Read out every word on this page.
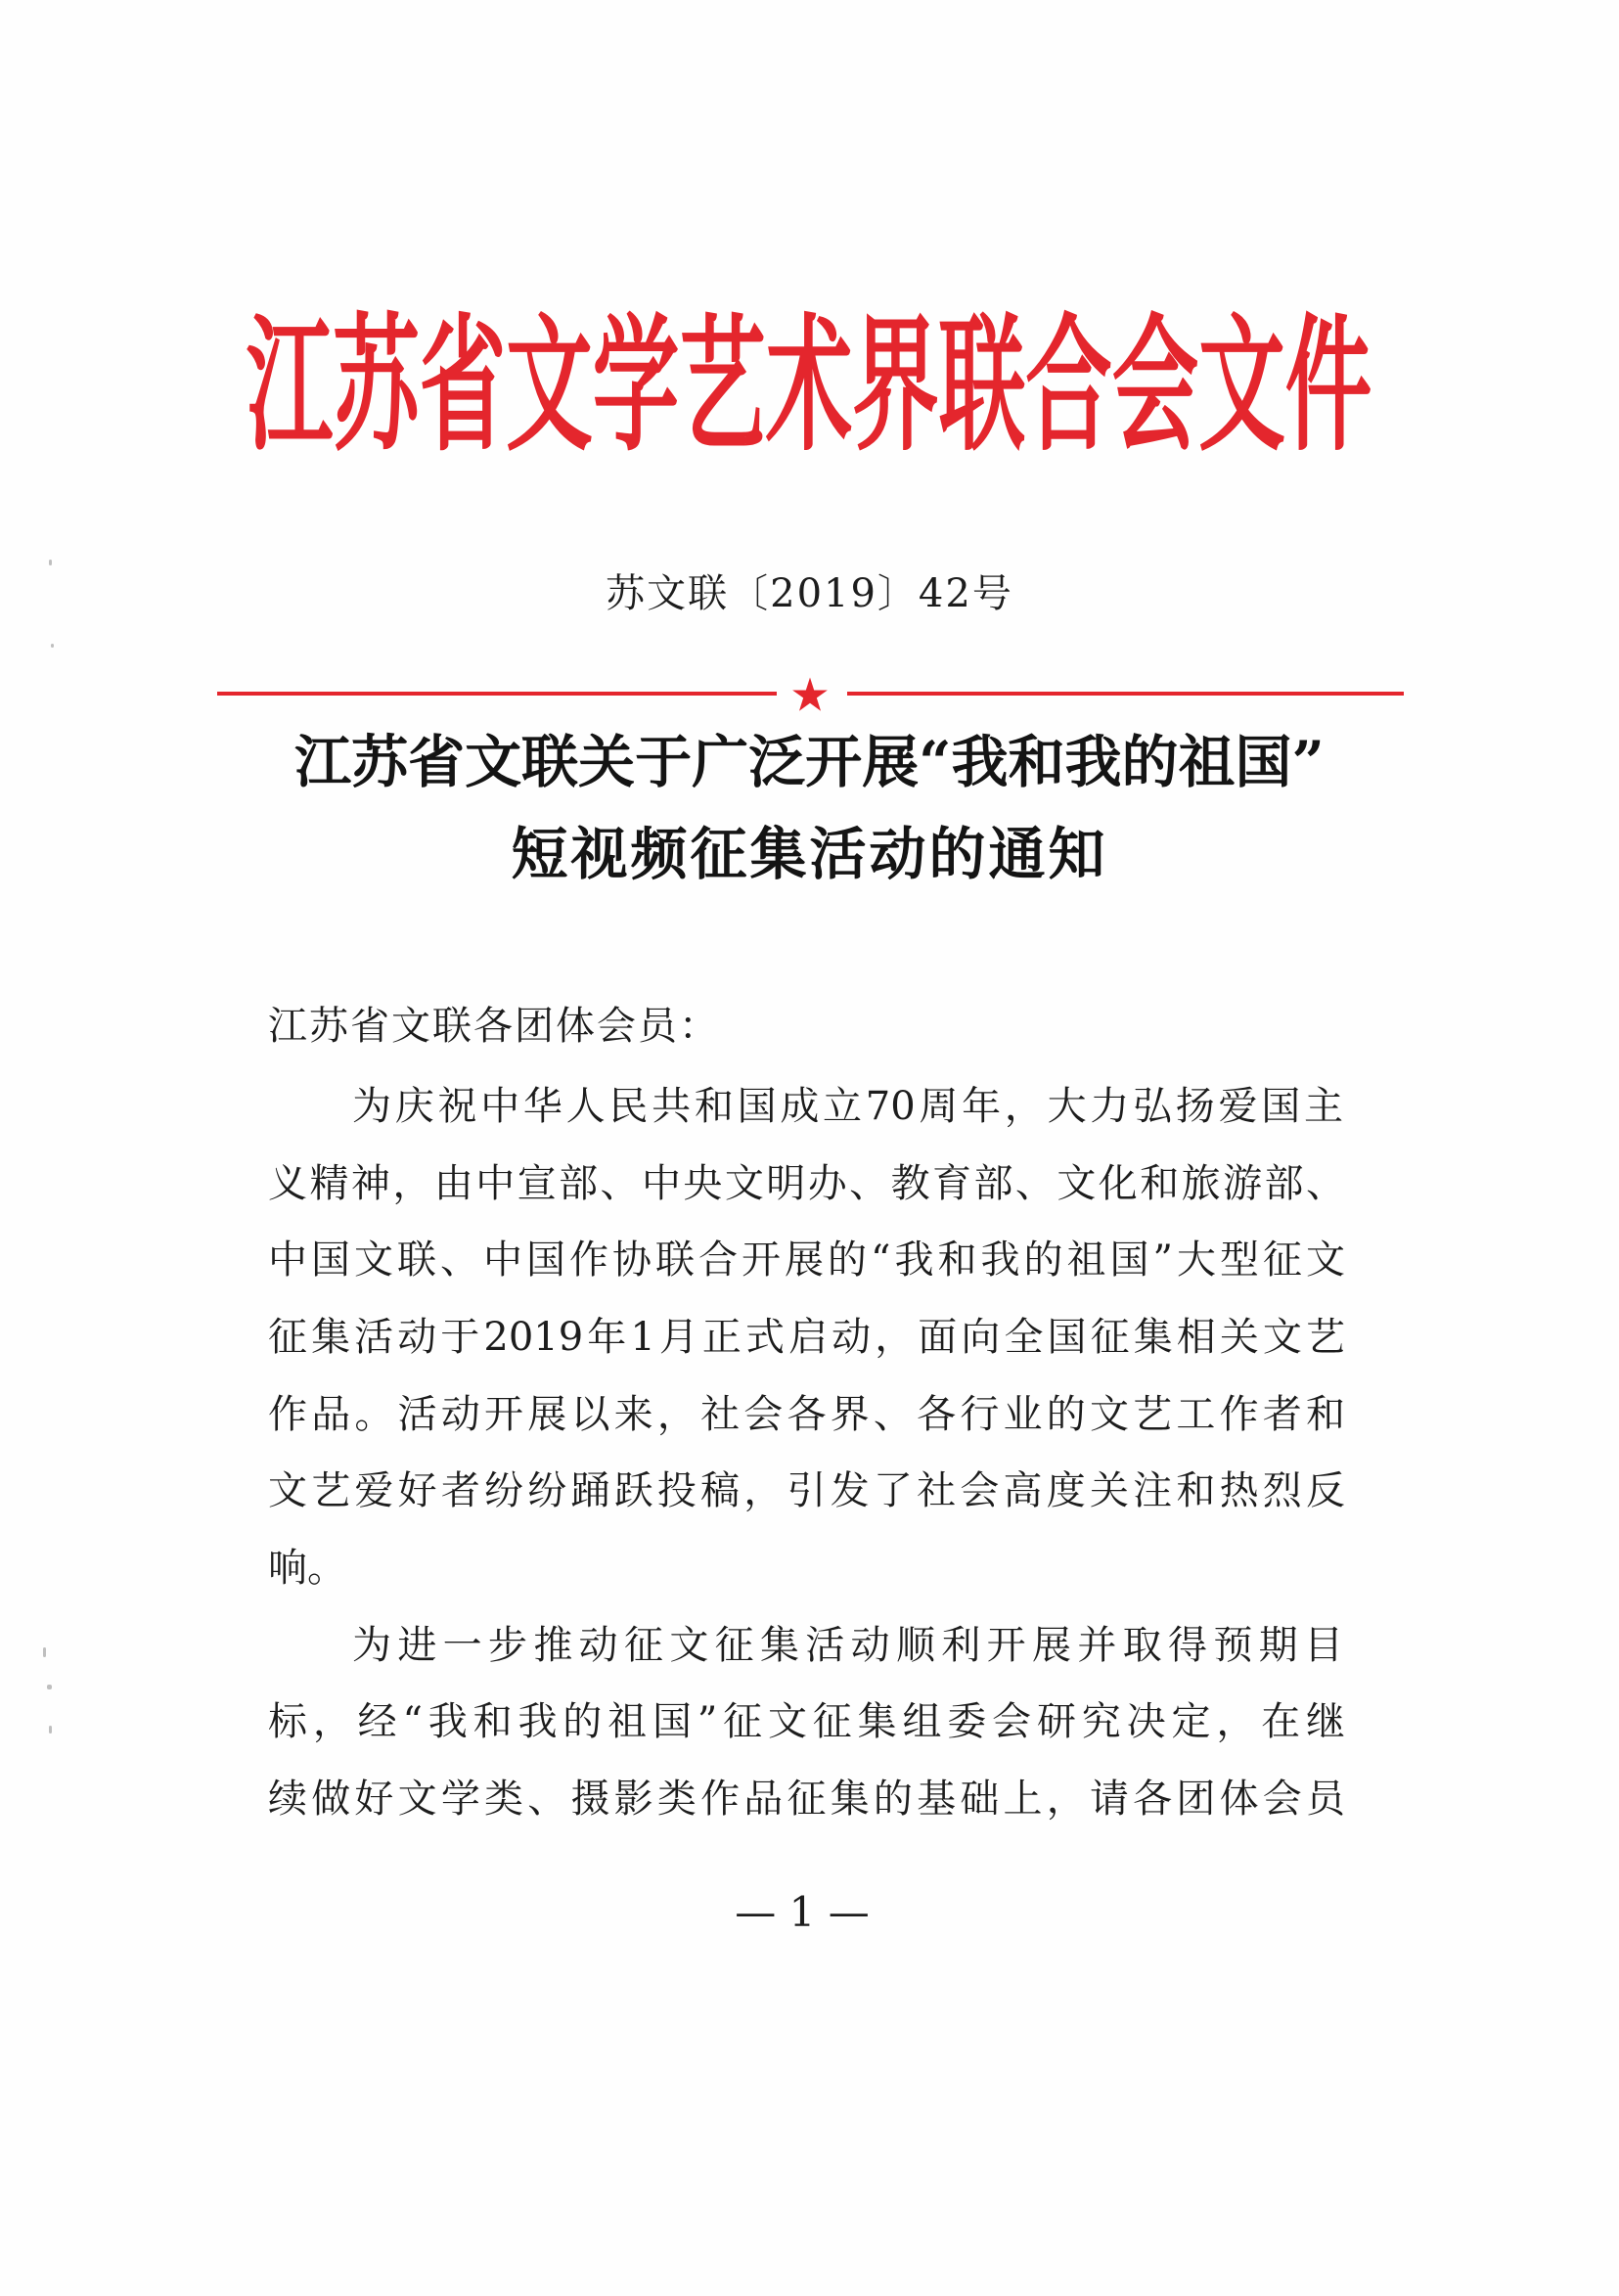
江苏省文学艺术界联合会文件
苏文联〔2019〕42号
江苏省文联关于广泛开展“我和我的祖国”
短视频征集活动的通知
江苏省文联各团体会员：
为庆祝中华人民共和国成立70周年，大力弘扬爱国主
义精神，由中宣部、中央文明办、教育部、文化和旅游部、
中国文联、中国作协联合开展的“我和我的祖国”大型征文
征集活动于2019年1月正式启动，面向全国征集相关文艺
作品。活动开展以来，社会各界、各行业的文艺工作者和
文艺爱好者纷纷踊跃投稿，引发了社会高度关注和热烈反
响。
为进一步推动征文征集活动顺利开展并取得预期目
标，经“我和我的祖国”征文征集组委会研究决定，在继
续做好文学类、摄影类作品征集的基础上，请各团体会员
— 1 —
